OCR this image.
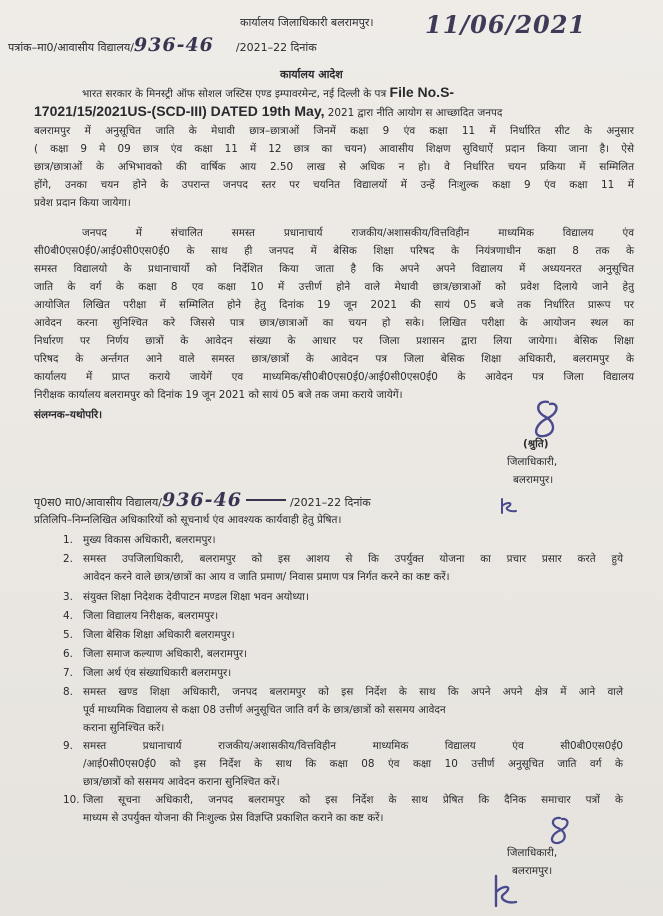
कार्यालय जिलाधिकारी बलरामपुर। 11/06/2021
पत्रांक–मा0/आवासीय विद्यालय/936-46 /2021–22 दिनांक
कार्यालय आदेश
भारत सरकार के मिनस्ट्री ऑफ सोशल जस्टिस एण्ड इम्पावरमेन्ट, नई दिल्ली के पत्र File No.S-
17021/15/2021US-(SCD-III) DATED 19th May, 2021 द्वारा नीति आयोग स आच्छादित जनपद
बलरामपुर में अनुसूचित जाति के मेधावी छात्र–छात्राओं जिनमें कक्षा 9 एंव कक्षा 11 में निर्धारित सीट के अनुसार
( कक्षा 9 मे 09 छात्र एंव कक्षा 11 में 12 छात्र का चयन) आवासीय शिक्षण सुविधाऐं प्रदान किया जाना है। ऐसे
छात्र/छात्राओं के अभिभावको की वार्षिक आय 2.50 लाख से अधिक न हो। वे निर्धारित चयन प्रकिया में सम्मिलित
होंगे, उनका चयन होने के उपरान्त जनपद स्तर पर चयनित विद्यालयों में उन्हें निःशुल्क कक्षा 9 एंव कक्षा 11 में
प्रवेश प्रदान किया जायेगा।
जनपद में संचालित समस्त प्रधानाचार्य राजकीय/अशासकीय/वित्तविहीन माध्यमिक विद्यालय एंव
सी0बी0एस0ई0/आई0सी0एस0ई0 के साथ ही जनपद में बेसिक शिक्षा परिषद के नियंत्रणाधीन कक्षा 8 तक के
समस्त विद्यालयो के प्रधानाचार्यो को निर्देशित किया जाता है कि अपने अपने विद्यालय में अध्ययनरत अनुसूचित
जाति के वर्ग के कक्षा 8 एव कक्षा 10 में उत्तीर्ण होने वाले मेधावी छात्र/छात्राओं को प्रवेश दिलाये जाने हेतु
आयोजित लिखित परीक्षा में सम्मिलित होने हेतु दिनांक 19 जून 2021 की सायं 05 बजे तक निर्धारित प्रारूप पर
आवेदन करना सुनिश्चित करे जिससे पात्र छात्र/छात्राओं का चयन हो सके। लिखित परीक्षा के आयोजन स्थल का
निर्धारण पर निर्णय छात्रों के आवेदन संख्या के आधार पर जिला प्रशासन द्वारा लिया जायेगा। बेसिक शिक्षा
परिषद के अर्न्तगत आने वाले समस्त छात्र/छात्रों के आवेदन पत्र जिला बेसिक शिक्षा अधिकारी, बलरामपुर के
कार्यालय में प्राप्त कराये जायेगें एव माध्यमिक/सी0बी0एस0ई0/आई0सी0एस0ई0 के आवेदन पत्र जिला विद्यालय
निरीक्षक कार्यालय बलरामपुर को दिनांक 19 जून 2021 को सायं 05 बजे तक जमा कराये जायेगें।
संलग्नक–यथोपरि।
(श्रुति)
जिलाधिकारी,
बलरामपुर।
पृ0स0 मा0/आवासीय विद्यालय/936-46	/2021–22 दिनांक
प्रतिलिपि–निम्नलिखित अधिकारियों को सूचनार्थ एंव आवश्यक कार्यवाही हेतु प्रेषित।
1. मुख्य विकास अधिकारी, बलरामपुर।
2. समस्त उपजिलाधिकारी, बलरामपुर को इस आशय से कि उपर्युक्त योजना का प्रचार प्रसार करते हुये
आवेदन करने वाले छात्र/छात्रों का आय व जाति प्रमाण/ निवास प्रमाण पत्र निर्गत करने का कष्ट करें।
3. संयुक्त शिक्षा निदेशक देवीपाटन मण्डल शिक्षा भवन अयोध्या।
4. जिला विद्यालय निरीक्षक, बलरामपुर।
5. जिला बेसिक शिक्षा अधिकारी बलरामपुर।
6. जिला समाज कल्याण अधिकारी, बलरामपुर।
7. जिला अर्थ एंव संख्याधिकारी बलरामपुर।
8. समस्त खण्ड शिक्षा अधिकारी, जनपद बलरामपुर को इस निर्देश के साथ कि अपने अपने क्षेत्र में आने वाले
पूर्व माध्यमिक विद्यालय से कक्षा 08 उत्तीर्ण अनुसूचित जाति वर्ग के छात्र/छात्रों को ससमय आवेदन
कराना सुनिश्चित करें।
9. समस्त प्रधानाचार्य राजकीय/अशासकीय/वित्तविहीन माध्यमिक विद्यालय एंव सी0बी0एस0ई0
/आई0सी0एस0ई0 को इस निर्देश के साथ कि कक्षा 08 एंव कक्षा 10 उत्तीर्ण अनुसूचित जाति वर्ग के
छात्र/छात्रों को ससमय आवेदन कराना सुनिश्चित करें।
10. जिला सूचना अधिकारी, जनपद बलरामपुर को इस निर्देश के साथ प्रेषित कि दैनिक समाचार पत्रों के
माध्यम से उपर्युक्त योजना की निःशुल्क प्रेस विज्ञप्ति प्रकाशित कराने का कष्ट करें।
जिलाधिकारी,
बलरामपुर।
